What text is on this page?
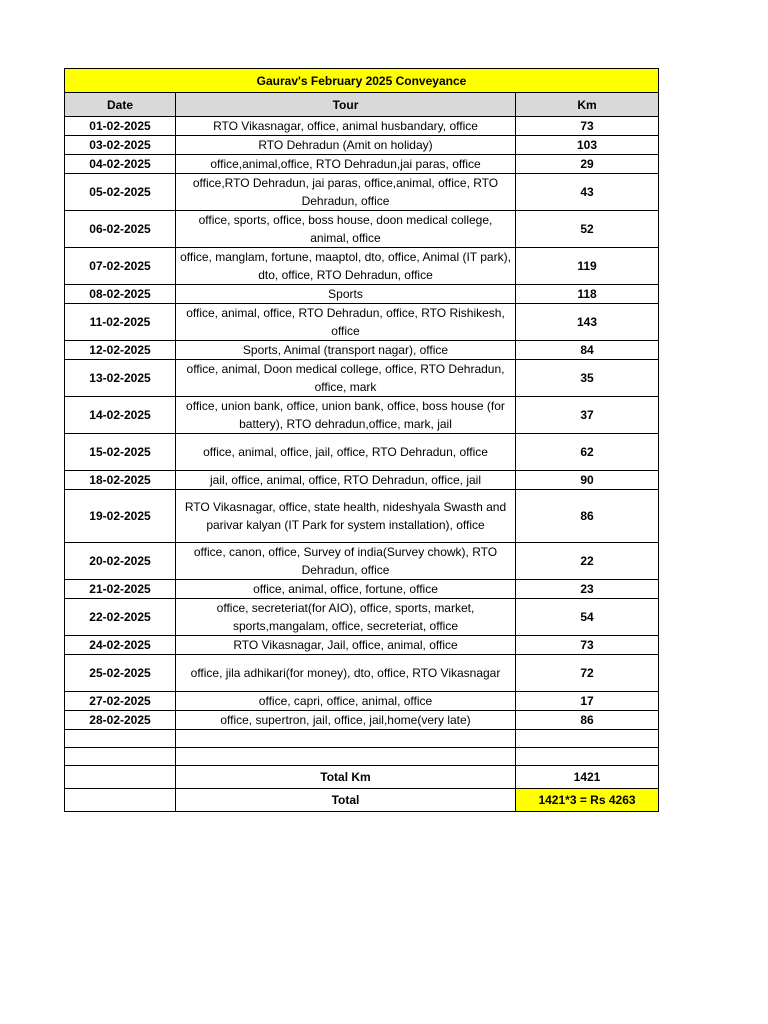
Gaurav's February 2025 Conveyance		
Date	Tour	Km
01-02-2025	RTO Vikasnagar, office, animal husbandary, office	73
03-02-2025	RTO Dehradun (Amit on holiday)	103
04-02-2025	office,animal,office, RTO Dehradun,jai paras, office	29
05-02-2025	office,RTO Dehradun, jai paras, office,animal, office, RTO Dehradun, office	43
06-02-2025	office, sports, office, boss house, doon medical college, animal, office	52
07-02-2025	office, manglam, fortune, maaptol, dto, office, Animal (IT park), dto, office, RTO Dehradun, office	119
08-02-2025	Sports	118
11-02-2025	office, animal, office, RTO Dehradun, office, RTO Rishikesh, office	143
12-02-2025	Sports, Animal (transport nagar), office	84
13-02-2025	office, animal, Doon medical college, office, RTO Dehradun, office, mark	35
14-02-2025	office, union bank, office, union bank, office, boss house (for battery), RTO dehradun,office, mark, jail	37
15-02-2025	office, animal, office, jail, office, RTO Dehradun, office	62
18-02-2025	jail, office, animal, office, RTO Dehradun, office, jail	90
19-02-2025	RTO Vikasnagar, office, state health, nideshyala Swasth and parivar kalyan (IT Park for system installation), office	86
20-02-2025	office, canon, office, Survey of india(Survey chowk), RTO Dehradun, office	22
21-02-2025	office, animal, office, fortune, office	23
22-02-2025	office, secreteriat(for AIO), office, sports, market, sports,mangalam, office, secreteriat, office	54
24-02-2025	RTO Vikasnagar, Jail, office, animal, office	73
25-02-2025	office, jila adhikari(for money), dto, office, RTO Vikasnagar	72
27-02-2025	office, capri, office, animal, office	17
28-02-2025	office, supertron, jail, office, jail,home(very late)	86

	Total Km	1421
	Total	1421*3 = Rs 4263
